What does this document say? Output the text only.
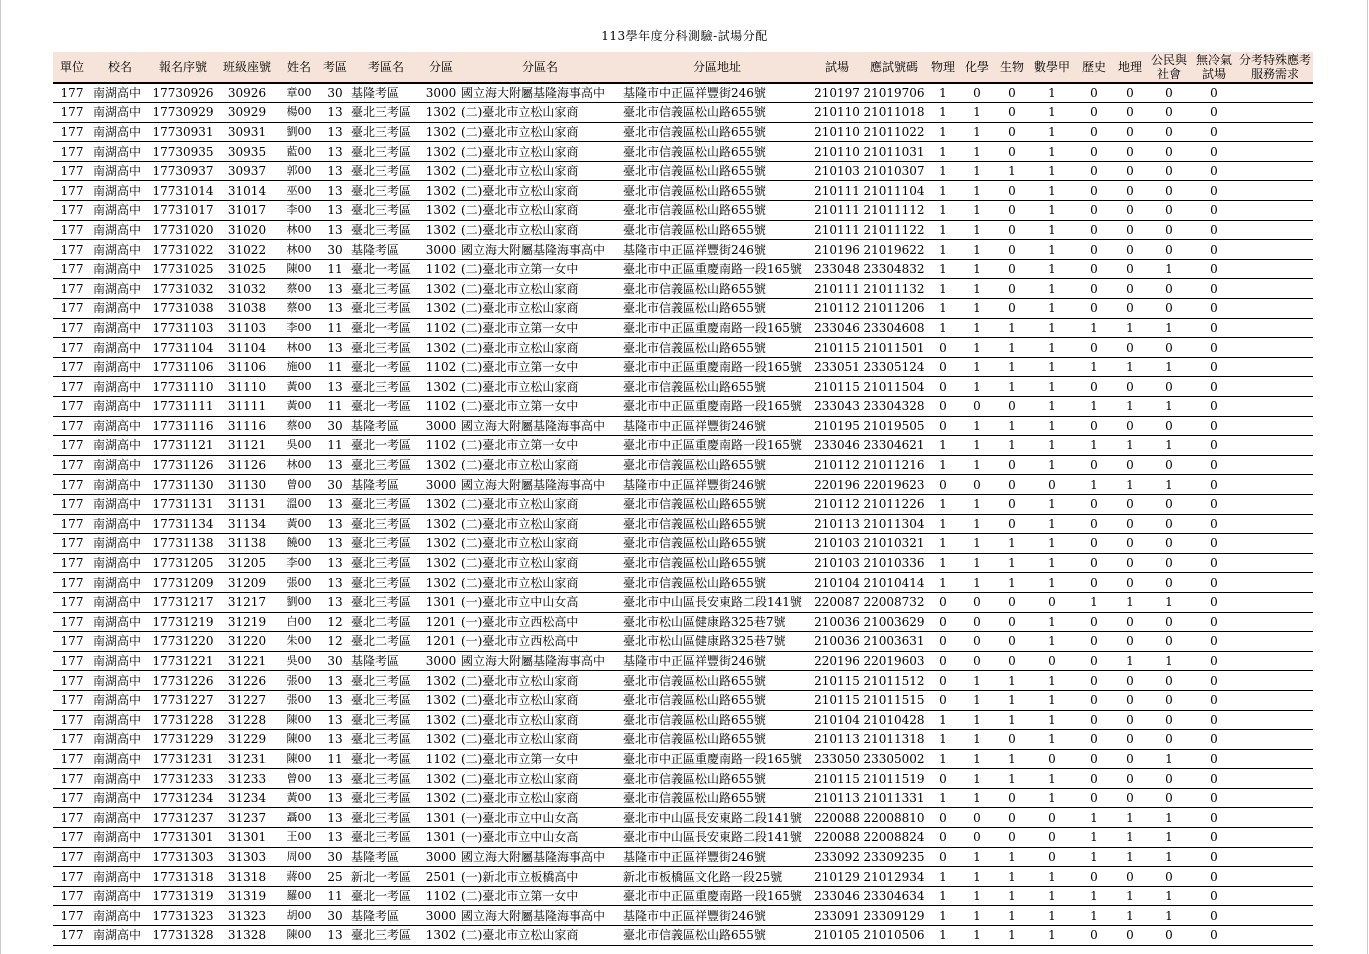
113學年度分科測驗-試場分配
單位	校名	報名序號	班級座號	姓名	考區	考區名	分區	分區名	分區地址	試場	應試號碼	物理	化學	生物	數學甲	歷史	地理	公民與社會	無冷氣試場	分考特殊應考服務需求
177	南湖高中	17730926	30926	章00	30	基隆考區	3000	國立海大附屬基隆海事高中	基隆市中正區祥豐街246號	210197	21019706	1	0	0	1	0	0	0	0	
177	南湖高中	17730929	30929	楊00	13	臺北三考區	1302	(二)臺北市立松山家商	臺北市信義區松山路655號	210110	21011018	1	1	0	1	0	0	0	0	
177	南湖高中	17730931	30931	劉00	13	臺北三考區	1302	(二)臺北市立松山家商	臺北市信義區松山路655號	210110	21011022	1	1	0	1	0	0	0	0	
177	南湖高中	17730935	30935	藍00	13	臺北三考區	1302	(二)臺北市立松山家商	臺北市信義區松山路655號	210110	21011031	1	1	0	1	0	0	0	0	
177	南湖高中	17730937	30937	郭00	13	臺北三考區	1302	(二)臺北市立松山家商	臺北市信義區松山路655號	210103	21010307	1	1	1	1	0	0	0	0	
177	南湖高中	17731014	31014	巫00	13	臺北三考區	1302	(二)臺北市立松山家商	臺北市信義區松山路655號	210111	21011104	1	1	0	1	0	0	0	0	
177	南湖高中	17731017	31017	李00	13	臺北三考區	1302	(二)臺北市立松山家商	臺北市信義區松山路655號	210111	21011112	1	1	0	1	0	0	0	0	
177	南湖高中	17731020	31020	林00	13	臺北三考區	1302	(二)臺北市立松山家商	臺北市信義區松山路655號	210111	21011122	1	1	0	1	0	0	0	0	
177	南湖高中	17731022	31022	林00	30	基隆考區	3000	國立海大附屬基隆海事高中	基隆市中正區祥豐街246號	210196	21019622	1	1	0	1	0	0	0	0	
177	南湖高中	17731025	31025	陳00	11	臺北一考區	1102	(二)臺北市立第一女中	臺北市中正區重慶南路一段165號	233048	23304832	1	1	0	1	0	0	1	0	
177	南湖高中	17731032	31032	蔡00	13	臺北三考區	1302	(二)臺北市立松山家商	臺北市信義區松山路655號	210111	21011132	1	1	0	1	0	0	0	0	
177	南湖高中	17731038	31038	蔡00	13	臺北三考區	1302	(二)臺北市立松山家商	臺北市信義區松山路655號	210112	21011206	1	1	0	1	0	0	0	0	
177	南湖高中	17731103	31103	李00	11	臺北一考區	1102	(二)臺北市立第一女中	臺北市中正區重慶南路一段165號	233046	23304608	1	1	1	1	1	1	1	0	
177	南湖高中	17731104	31104	林00	13	臺北三考區	1302	(二)臺北市立松山家商	臺北市信義區松山路655號	210115	21011501	0	1	1	1	0	0	0	0	
177	南湖高中	17731106	31106	施00	11	臺北一考區	1102	(二)臺北市立第一女中	臺北市中正區重慶南路一段165號	233051	23305124	0	1	1	1	1	1	1	0	
177	南湖高中	17731110	31110	黃00	13	臺北三考區	1302	(二)臺北市立松山家商	臺北市信義區松山路655號	210115	21011504	0	1	1	1	0	0	0	0	
177	南湖高中	17731111	31111	黃00	11	臺北一考區	1102	(二)臺北市立第一女中	臺北市中正區重慶南路一段165號	233043	23304328	0	0	0	1	1	1	1	0	
177	南湖高中	17731116	31116	蔡00	30	基隆考區	3000	國立海大附屬基隆海事高中	基隆市中正區祥豐街246號	210195	21019505	0	1	1	1	0	0	0	0	
177	南湖高中	17731121	31121	吳00	11	臺北一考區	1102	(二)臺北市立第一女中	臺北市中正區重慶南路一段165號	233046	23304621	1	1	1	1	1	1	1	0	
177	南湖高中	17731126	31126	林00	13	臺北三考區	1302	(二)臺北市立松山家商	臺北市信義區松山路655號	210112	21011216	1	1	0	1	0	0	0	0	
177	南湖高中	17731130	31130	曾00	30	基隆考區	3000	國立海大附屬基隆海事高中	基隆市中正區祥豐街246號	220196	22019623	0	0	0	0	1	1	1	0	
177	南湖高中	17731131	31131	溫00	13	臺北三考區	1302	(二)臺北市立松山家商	臺北市信義區松山路655號	210112	21011226	1	1	0	1	0	0	0	0	
177	南湖高中	17731134	31134	黃00	13	臺北三考區	1302	(二)臺北市立松山家商	臺北市信義區松山路655號	210113	21011304	1	1	0	1	0	0	0	0	
177	南湖高中	17731138	31138	饒00	13	臺北三考區	1302	(二)臺北市立松山家商	臺北市信義區松山路655號	210103	21010321	1	1	1	1	0	0	0	0	
177	南湖高中	17731205	31205	李00	13	臺北三考區	1302	(二)臺北市立松山家商	臺北市信義區松山路655號	210103	21010336	1	1	1	1	0	0	0	0	
177	南湖高中	17731209	31209	張00	13	臺北三考區	1302	(二)臺北市立松山家商	臺北市信義區松山路655號	210104	21010414	1	1	1	1	0	0	0	0	
177	南湖高中	17731217	31217	劉00	13	臺北三考區	1301	(一)臺北市立中山女高	臺北市中山區長安東路二段141號	220087	22008732	0	0	0	0	1	1	1	0	
177	南湖高中	17731219	31219	白00	12	臺北二考區	1201	(一)臺北市立西松高中	臺北市松山區健康路325巷7號	210036	21003629	0	0	0	1	0	0	0	0	
177	南湖高中	17731220	31220	朱00	12	臺北二考區	1201	(一)臺北市立西松高中	臺北市松山區健康路325巷7號	210036	21003631	0	0	0	1	0	0	0	0	
177	南湖高中	17731221	31221	吳00	30	基隆考區	3000	國立海大附屬基隆海事高中	基隆市中正區祥豐街246號	220196	22019603	0	0	0	0	0	1	1	0	
177	南湖高中	17731226	31226	張00	13	臺北三考區	1302	(二)臺北市立松山家商	臺北市信義區松山路655號	210115	21011512	0	1	1	1	0	0	0	0	
177	南湖高中	17731227	31227	張00	13	臺北三考區	1302	(二)臺北市立松山家商	臺北市信義區松山路655號	210115	21011515	0	1	1	1	0	0	0	0	
177	南湖高中	17731228	31228	陳00	13	臺北三考區	1302	(二)臺北市立松山家商	臺北市信義區松山路655號	210104	21010428	1	1	1	1	0	0	0	0	
177	南湖高中	17731229	31229	陳00	13	臺北三考區	1302	(二)臺北市立松山家商	臺北市信義區松山路655號	210113	21011318	1	1	0	1	0	0	0	0	
177	南湖高中	17731231	31231	陳00	11	臺北一考區	1102	(二)臺北市立第一女中	臺北市中正區重慶南路一段165號	233050	23305002	1	1	1	0	0	0	1	0	
177	南湖高中	17731233	31233	曾00	13	臺北三考區	1302	(二)臺北市立松山家商	臺北市信義區松山路655號	210115	21011519	0	1	1	1	0	0	0	0	
177	南湖高中	17731234	31234	黃00	13	臺北三考區	1302	(二)臺北市立松山家商	臺北市信義區松山路655號	210113	21011331	1	1	0	1	0	0	0	0	
177	南湖高中	17731237	31237	聶00	13	臺北三考區	1301	(一)臺北市立中山女高	臺北市中山區長安東路二段141號	220088	22008810	0	0	0	0	1	1	1	0	
177	南湖高中	17731301	31301	王00	13	臺北三考區	1301	(一)臺北市立中山女高	臺北市中山區長安東路二段141號	220088	22008824	0	0	0	0	1	1	1	0	
177	南湖高中	17731303	31303	周00	30	基隆考區	3000	國立海大附屬基隆海事高中	基隆市中正區祥豐街246號	233092	23309235	0	1	1	0	1	1	1	0	
177	南湖高中	17731318	31318	蔣00	25	新北一考區	2501	(一)新北市立板橋高中	新北市板橋區文化路一段25號	210129	21012934	1	1	1	1	0	0	0	0	
177	南湖高中	17731319	31319	羅00	11	臺北一考區	1102	(二)臺北市立第一女中	臺北市中正區重慶南路一段165號	233046	23304634	1	1	1	1	1	1	1	0	
177	南湖高中	17731323	31323	胡00	30	基隆考區	3000	國立海大附屬基隆海事高中	基隆市中正區祥豐街246號	233091	23309129	1	1	1	1	1	1	1	0	
177	南湖高中	17731328	31328	陳00	13	臺北三考區	1302	(二)臺北市立松山家商	臺北市信義區松山路655號	210105	21010506	1	1	1	1	0	0	0	0	
